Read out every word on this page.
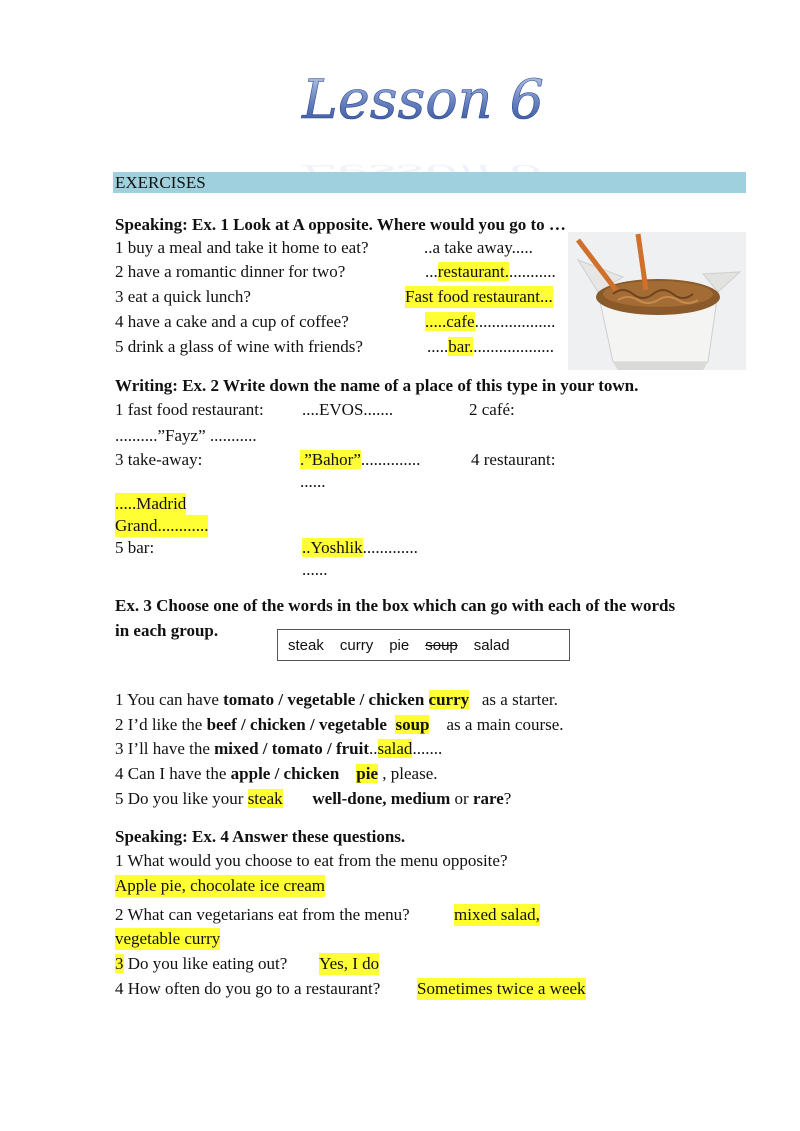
Lesson 6
EXERCISES
Speaking: Ex. 1 Look at A opposite. Where would you go to …
1 buy a meal and take it home to eat?	..a take away.....
2 have a romantic dinner for two?	...restaurant............
3 eat a quick lunch?	Fast food restaurant...
4 have a cake and a cup of coffee?	.....cafe...................
5 drink a glass of wine with friends?	.....bar....................
Writing: Ex. 2 Write down the name of a place of this type in your town.
1 fast food restaurant: ....EVOS.......	2 café:
..........”Fayz” ...........
3 take-away:	.”Bahor”..............
......
4 restaurant:
.....Madrid
Grand............
5 bar:	..Yoshlik.............
......
Ex. 3 Choose one of the words in the box which can go with each of the words
in each group.
steak curry pie soup salad
1 You can have tomato / vegetable / chicken curry as a starter.
2 I’d like the beef / chicken / vegetable soup as a main course.
3 I’ll have the mixed / tomato / fruit..salad.......
4 Can I have the apple / chicken pie , please.
5 Do you like your steak well-done, medium or rare?
Speaking: Ex. 4 Answer these questions.
1 What would you choose to eat from the menu opposite?
Apple pie, chocolate ice cream
2 What can vegetarians eat from the menu?	mixed salad,
vegetable curry
3 Do you like eating out? Yes, I do
4 How often do you go to a restaurant? Sometimes twice a week
